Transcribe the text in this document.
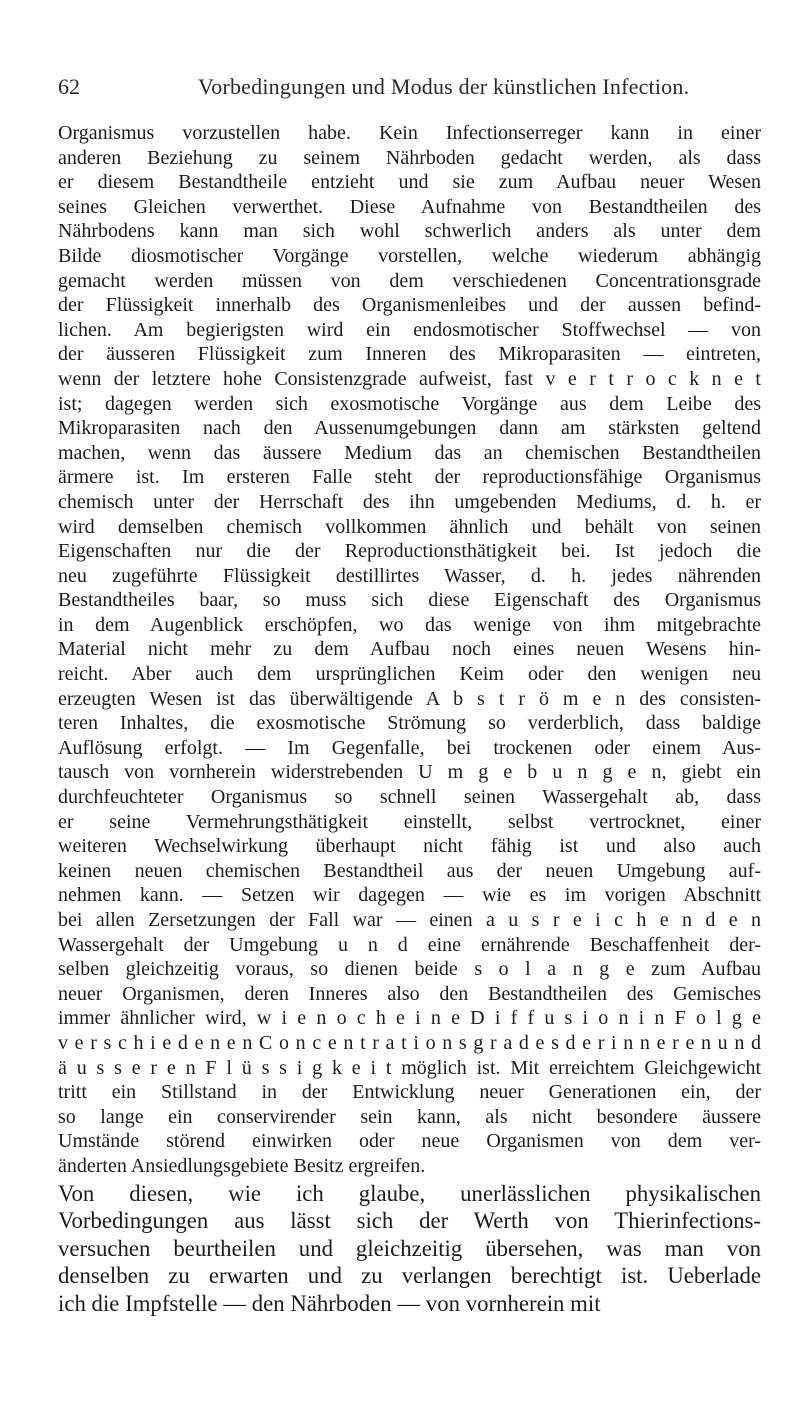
62	Vorbedingungen und Modus der künstlichen Infection.
Organismus vorzustellen habe. Kein Infectionserreger kann in einer
anderen Beziehung zu seinem Nährboden gedacht werden, als dass
er diesem Bestandtheile entzieht und sie zum Aufbau neuer Wesen
seines Gleichen verwerthet. Diese Aufnahme von Bestandtheilen des
Nährbodens kann man sich wohl schwerlich anders als unter dem
Bilde diosmotischer Vorgänge vorstellen, welche wiederum abhängig
gemacht werden müssen von dem verschiedenen Concentrationsgrade
der Flüssigkeit innerhalb des Organismenleibes und der aussen befind-
lichen. Am begierigsten wird ein endosmotischer Stoffwechsel — von
der äusseren Flüssigkeit zum Inneren des Mikroparasiten — eintreten,
wenn der letztere hohe Consistenzgrade aufweist, fast v e r t r o c k n e t
ist; dagegen werden sich exosmotische Vorgänge aus dem Leibe des
Mikroparasiten nach den Aussenumgebungen dann am stärksten geltend
machen, wenn das äussere Medium das an chemischen Bestandtheilen
ärmere ist. Im ersteren Falle steht der reproductionsfähige Organismus
chemisch unter der Herrschaft des ihn umgebenden Mediums, d. h. er
wird demselben chemisch vollkommen ähnlich und behält von seinen
Eigenschaften nur die der Reproductionsthätigkeit bei. Ist jedoch die
neu zugeführte Flüssigkeit destillirtes Wasser, d. h. jedes nährenden
Bestandtheiles baar, so muss sich diese Eigenschaft des Organismus
in dem Augenblick erschöpfen, wo das wenige von ihm mitgebrachte
Material nicht mehr zu dem Aufbau noch eines neuen Wesens hin-
reicht. Aber auch dem ursprünglichen Keim oder den wenigen neu
erzeugten Wesen ist das überwältigende A b s t r ö m e n des consisten-
teren Inhaltes, die exosmotische Strömung so verderblich, dass baldige
Auflösung erfolgt. — Im Gegenfalle, bei trockenen oder einem Aus-
tausch von vornherein widerstrebenden U m g e b u n g e n, giebt ein
durchfeuchteter Organismus so schnell seinen Wassergehalt ab, dass
er seine Vermehrungsthätigkeit einstellt, selbst vertrocknet, einer
weiteren Wechselwirkung überhaupt nicht fähig ist und also auch
keinen neuen chemischen Bestandtheil aus der neuen Umgebung auf-
nehmen kann. — Setzen wir dagegen — wie es im vorigen Abschnitt
bei allen Zersetzungen der Fall war — einen a u s r e i c h e n d e n
Wassergehalt der Umgebung u n d eine ernährende Beschaffenheit der-
selben gleichzeitig voraus, so dienen beide s o l a n g e zum Aufbau
neuer Organismen, deren Inneres also den Bestandtheilen des Gemisches
immer ähnlicher wird, w i e n o c h e i n e D i f f u s i o n i n F o l g e
v e r s c h i e d e n e n C o n c e n t r a t i o n s g r a d e s d e r i n n e r e n u n d
ä u s s e r e n F l ü s s i g k e i t möglich ist. Mit erreichtem Gleichgewicht
tritt ein Stillstand in der Entwicklung neuer Generationen ein, der
so lange ein conservirender sein kann, als nicht besondere äussere
Umstände störend einwirken oder neue Organismen von dem ver-
änderten Ansiedlungsgebiete Besitz ergreifen.
Von diesen, wie ich glaube, unerlässlichen physikalischen
Vorbedingungen aus lässt sich der Werth von Thierinfections-
versuchen beurtheilen und gleichzeitig übersehen, was man von
denselben zu erwarten und zu verlangen berechtigt ist. Ueberlade
ich die Impfstelle — den Nährboden — von vornherein mit
